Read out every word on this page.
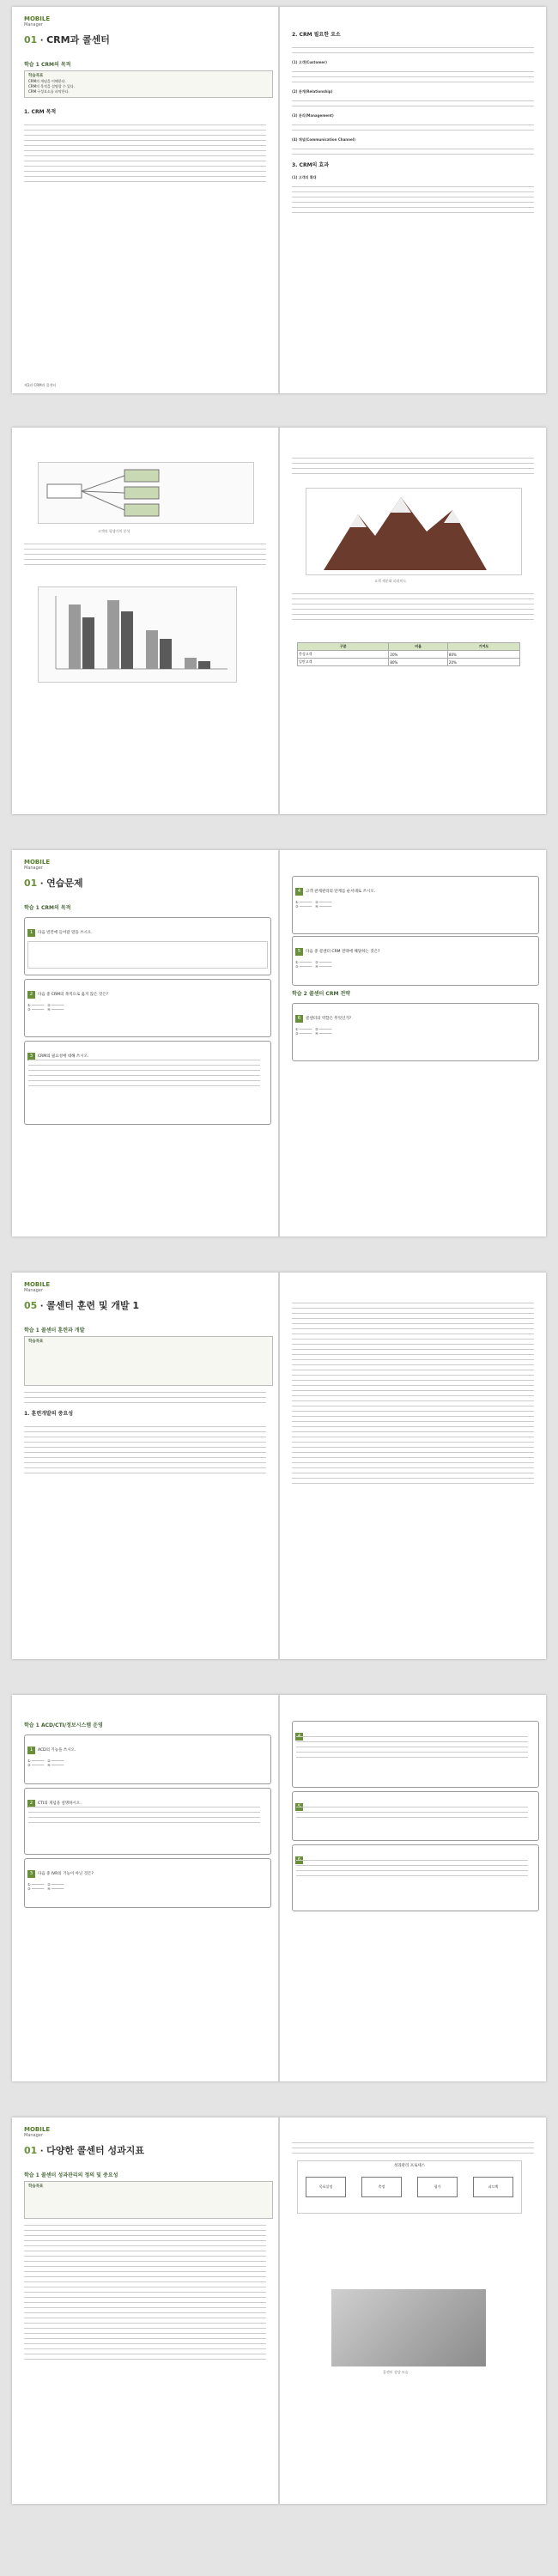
MOBILE
Manager
01 · CRM과 콜센터
학습 1 CRM의 목적
학습목표
CRM의 개념을 이해한다.
CRM의 목적을 설명할 수 있다.
CRM 구성요소를 파악한다.
1. CRM 목적
제1과 CRM과 콜센터
2. CRM 필요한 요소
(1) 고객(Customer)
(2) 관계(Relationship)
(3) 관리(Management)
(4) 채널(Communication Channel)
3. CRM의 효과
(1) 고객의 확대
고객의 평생가치 분석
고객 세분화 피라미드
구분	비율	기여도
충성고객	20%	80%
일반고객	80%	20%
MOBILE
Manager
01 · 연습문제
학습 1 CRM의 목적
1 다음 빈칸에 들어갈 말을 쓰시오.
2 다음 중 CRM의 목적으로 옳지 않은 것은?
① ──────   ② ──────
③ ──────   ④ ──────
3 CRM의 필요성에 대해 쓰시오.
4 고객 관계관리의 단계를 순서대로 쓰시오.
① ──────   ② ──────
③ ──────   ④ ──────
5 다음 중 콜센터 CRM 전략에 해당하는 것은?
① ──────   ② ──────
③ ──────   ④ ──────
학습 2 콜센터 CRM 전략
6 콜센터의 역할은 무엇인가?
① ──────   ② ──────
③ ──────   ④ ──────
MOBILE
Manager
05 · 콜센터 훈련 및 개발 1
학습 1 콜센터 훈련과 개발
학습목표
1. 훈련개발의 중요성
학습 1 ACD/CTI/정보시스템 운영
1 ACD의 기능을 쓰시오.
① ──────   ② ──────
③ ──────   ④ ──────
2 CTI의 개념을 설명하시오.
3 다음 중 IVR의 기능이 아닌 것은?
① ──────   ② ──────
③ ──────   ④ ──────
MOBILE
Manager
01 · 다양한 콜센터 성과지표
학습 1 콜센터 성과관리의 정의 및 중요성
학습목표
성과관리 프로세스
목표설정	측정	평가	피드백
콜센터 상담 모습
